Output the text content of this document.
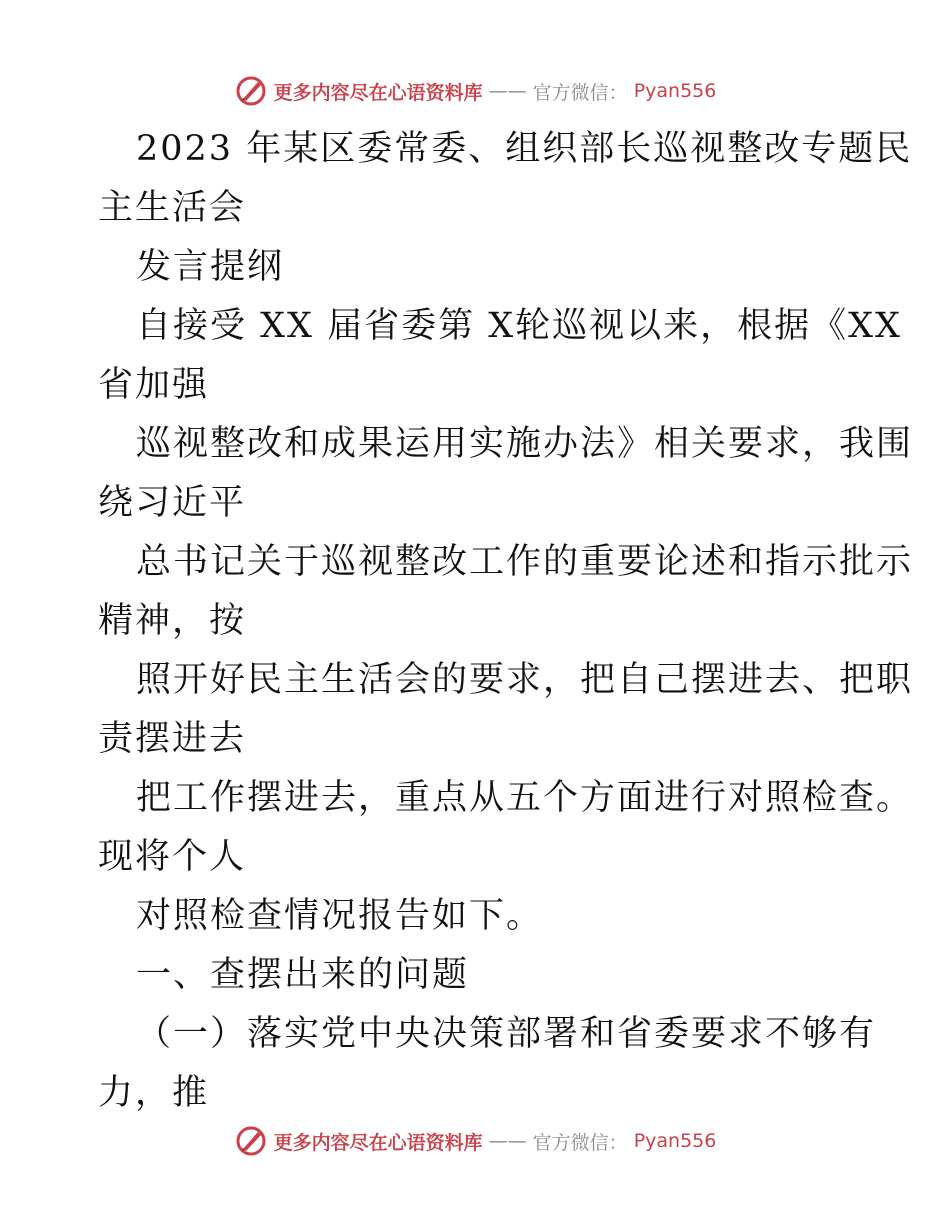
更多内容尽在心语资料库 —— 官方微信： Pyan556
2023 年某区委常委、组织部长巡视整改专题民
主生活会
发言提纲
自接受 XX 届省委第 X轮巡视以来，根据《XX
省加强
巡视整改和成果运用实施办法》相关要求，我围
绕习近平
总书记关于巡视整改工作的重要论述和指示批示
精神，按
照开好民主生活会的要求，把自己摆进去、把职
责摆进去
把工作摆进去，重点从五个方面进行对照检查。
现将个人
对照检查情况报告如下。
一、查摆出来的问题
（一）落实党中央决策部署和省委要求不够有
力，推
更多内容尽在心语资料库 —— 官方微信： Pyan556
